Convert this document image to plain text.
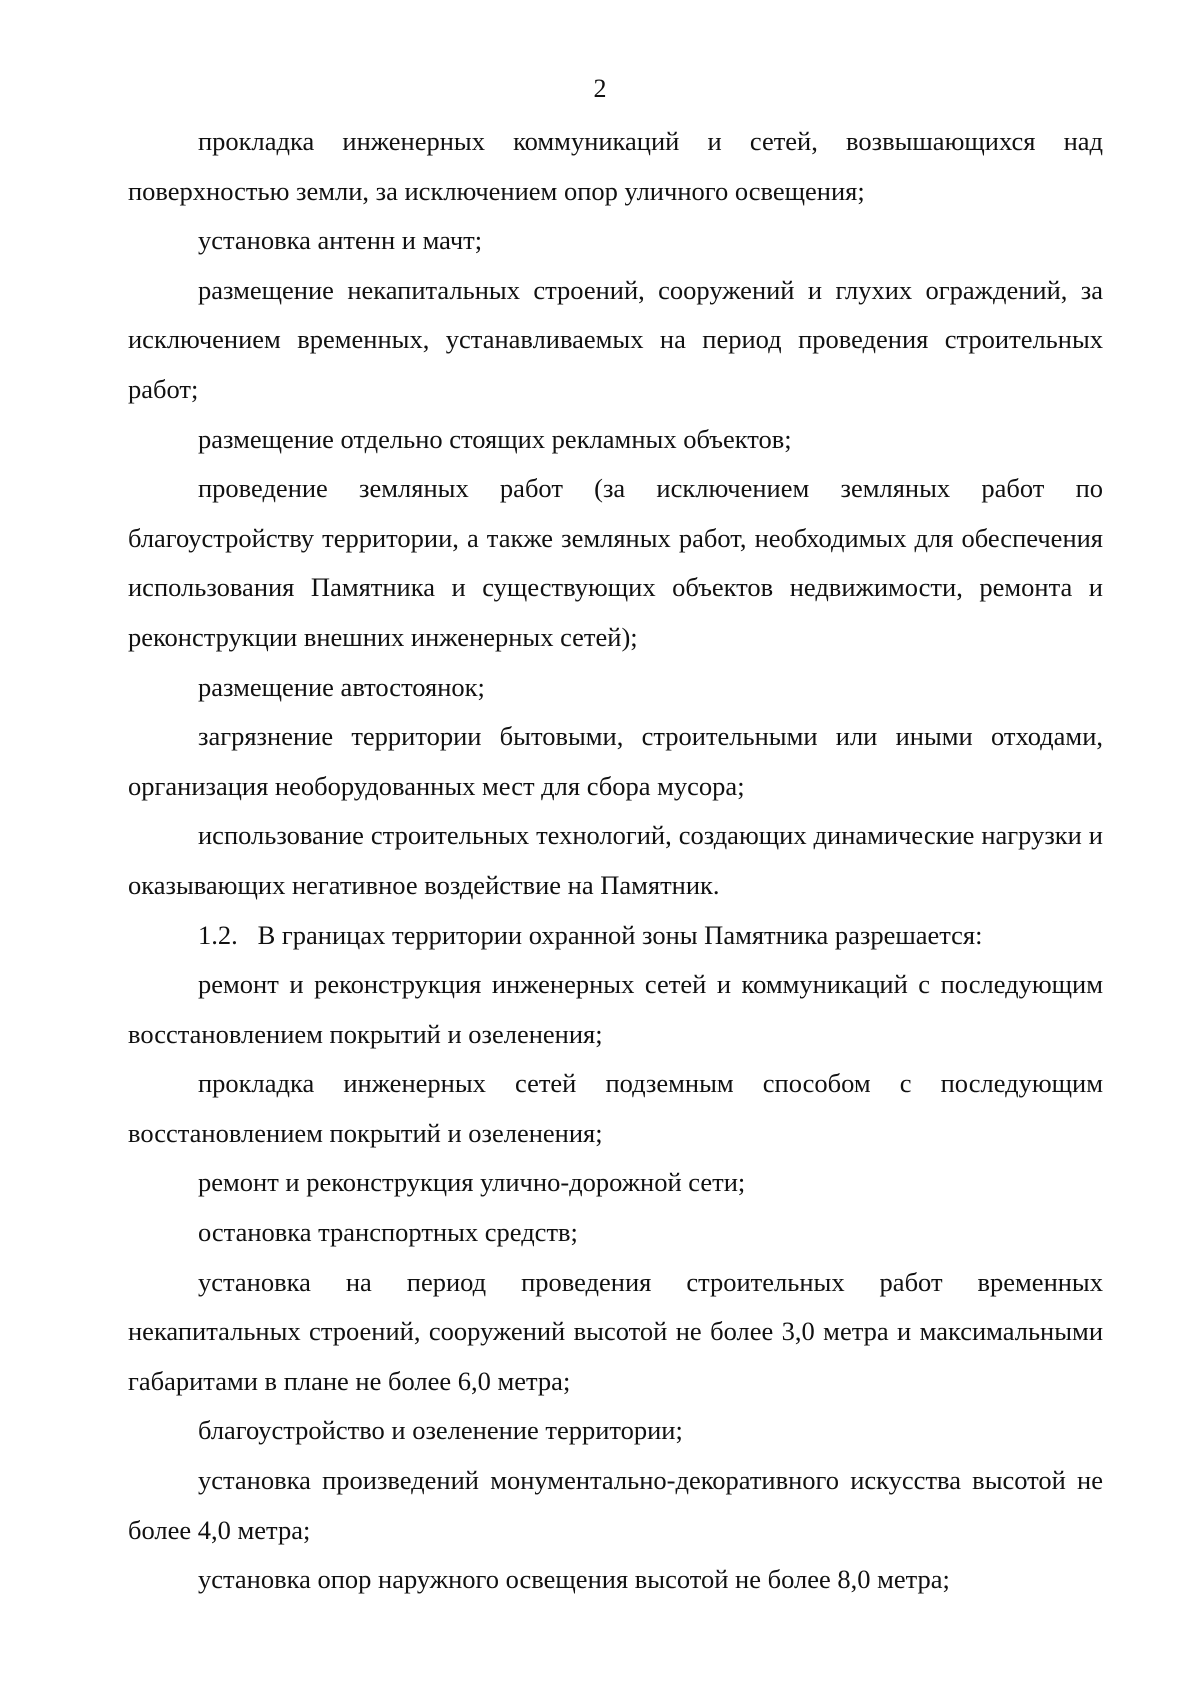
2

прокладка инженерных коммуникаций и сетей, возвышающихся над поверхностью земли, за исключением опор уличного освещения;

установка антенн и мачт;

размещение некапитальных строений, сооружений и глухих ограждений, за исключением временных, устанавливаемых на период проведения строительных работ;

размещение отдельно стоящих рекламных объектов;

проведение земляных работ (за исключением земляных работ по благоустройству территории, а также земляных работ, необходимых для обеспечения использования Памятника и существующих объектов недвижимости, ремонта и реконструкции внешних инженерных сетей);

размещение автостоянок;

загрязнение территории бытовыми, строительными или иными отходами, организация необорудованных мест для сбора мусора;

использование строительных технологий, создающих динамические нагрузки и оказывающих негативное воздействие на Памятник.

1.2.   В границах территории охранной зоны Памятника разрешается:

ремонт и реконструкция инженерных сетей и коммуникаций с последующим восстановлением покрытий и озеленения;

прокладка инженерных сетей подземным способом с последующим восстановлением покрытий и озеленения;

ремонт и реконструкция улично-дорожной сети;

остановка транспортных средств;

установка на период проведения строительных работ временных некапитальных строений, сооружений высотой не более 3,0 метра и максимальными габаритами в плане не более 6,0 метра;

благоустройство и озеленение территории;

установка произведений монументально-декоративного искусства высотой не более 4,0 метра;

установка опор наружного освещения высотой не более 8,0 метра;
